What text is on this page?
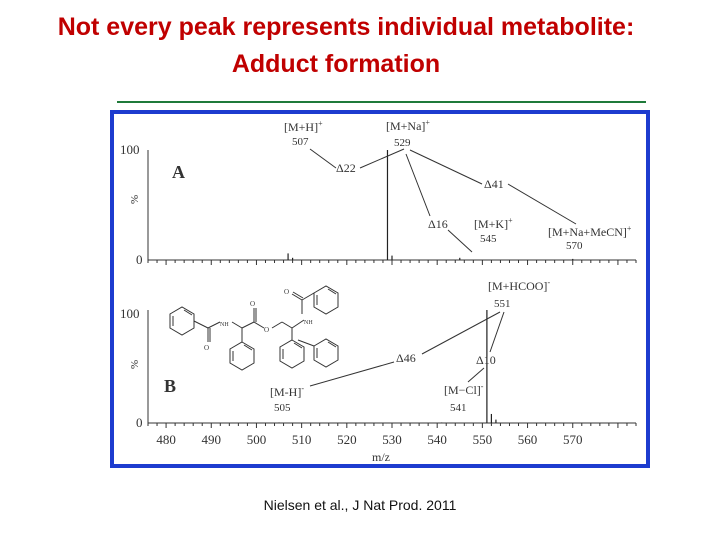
Not every peak represents individual metabolite:
Adduct formation
100
0
%
100
0
%
A
B
480 490 500 510 520 530 540 550 560 570
m/z
[M+H]+
507
[M+Na]+
529
Δ22
Δ41
Δ16 [M+K]+
545	[M+Na+MeCN]+
570
[M+HCOO]-
551
Δ46	Δ10
[M-H]-
505
[M−Cl]-
541
O
NH
O
O
NH
O
Nielsen et al., J Nat Prod. 2011
